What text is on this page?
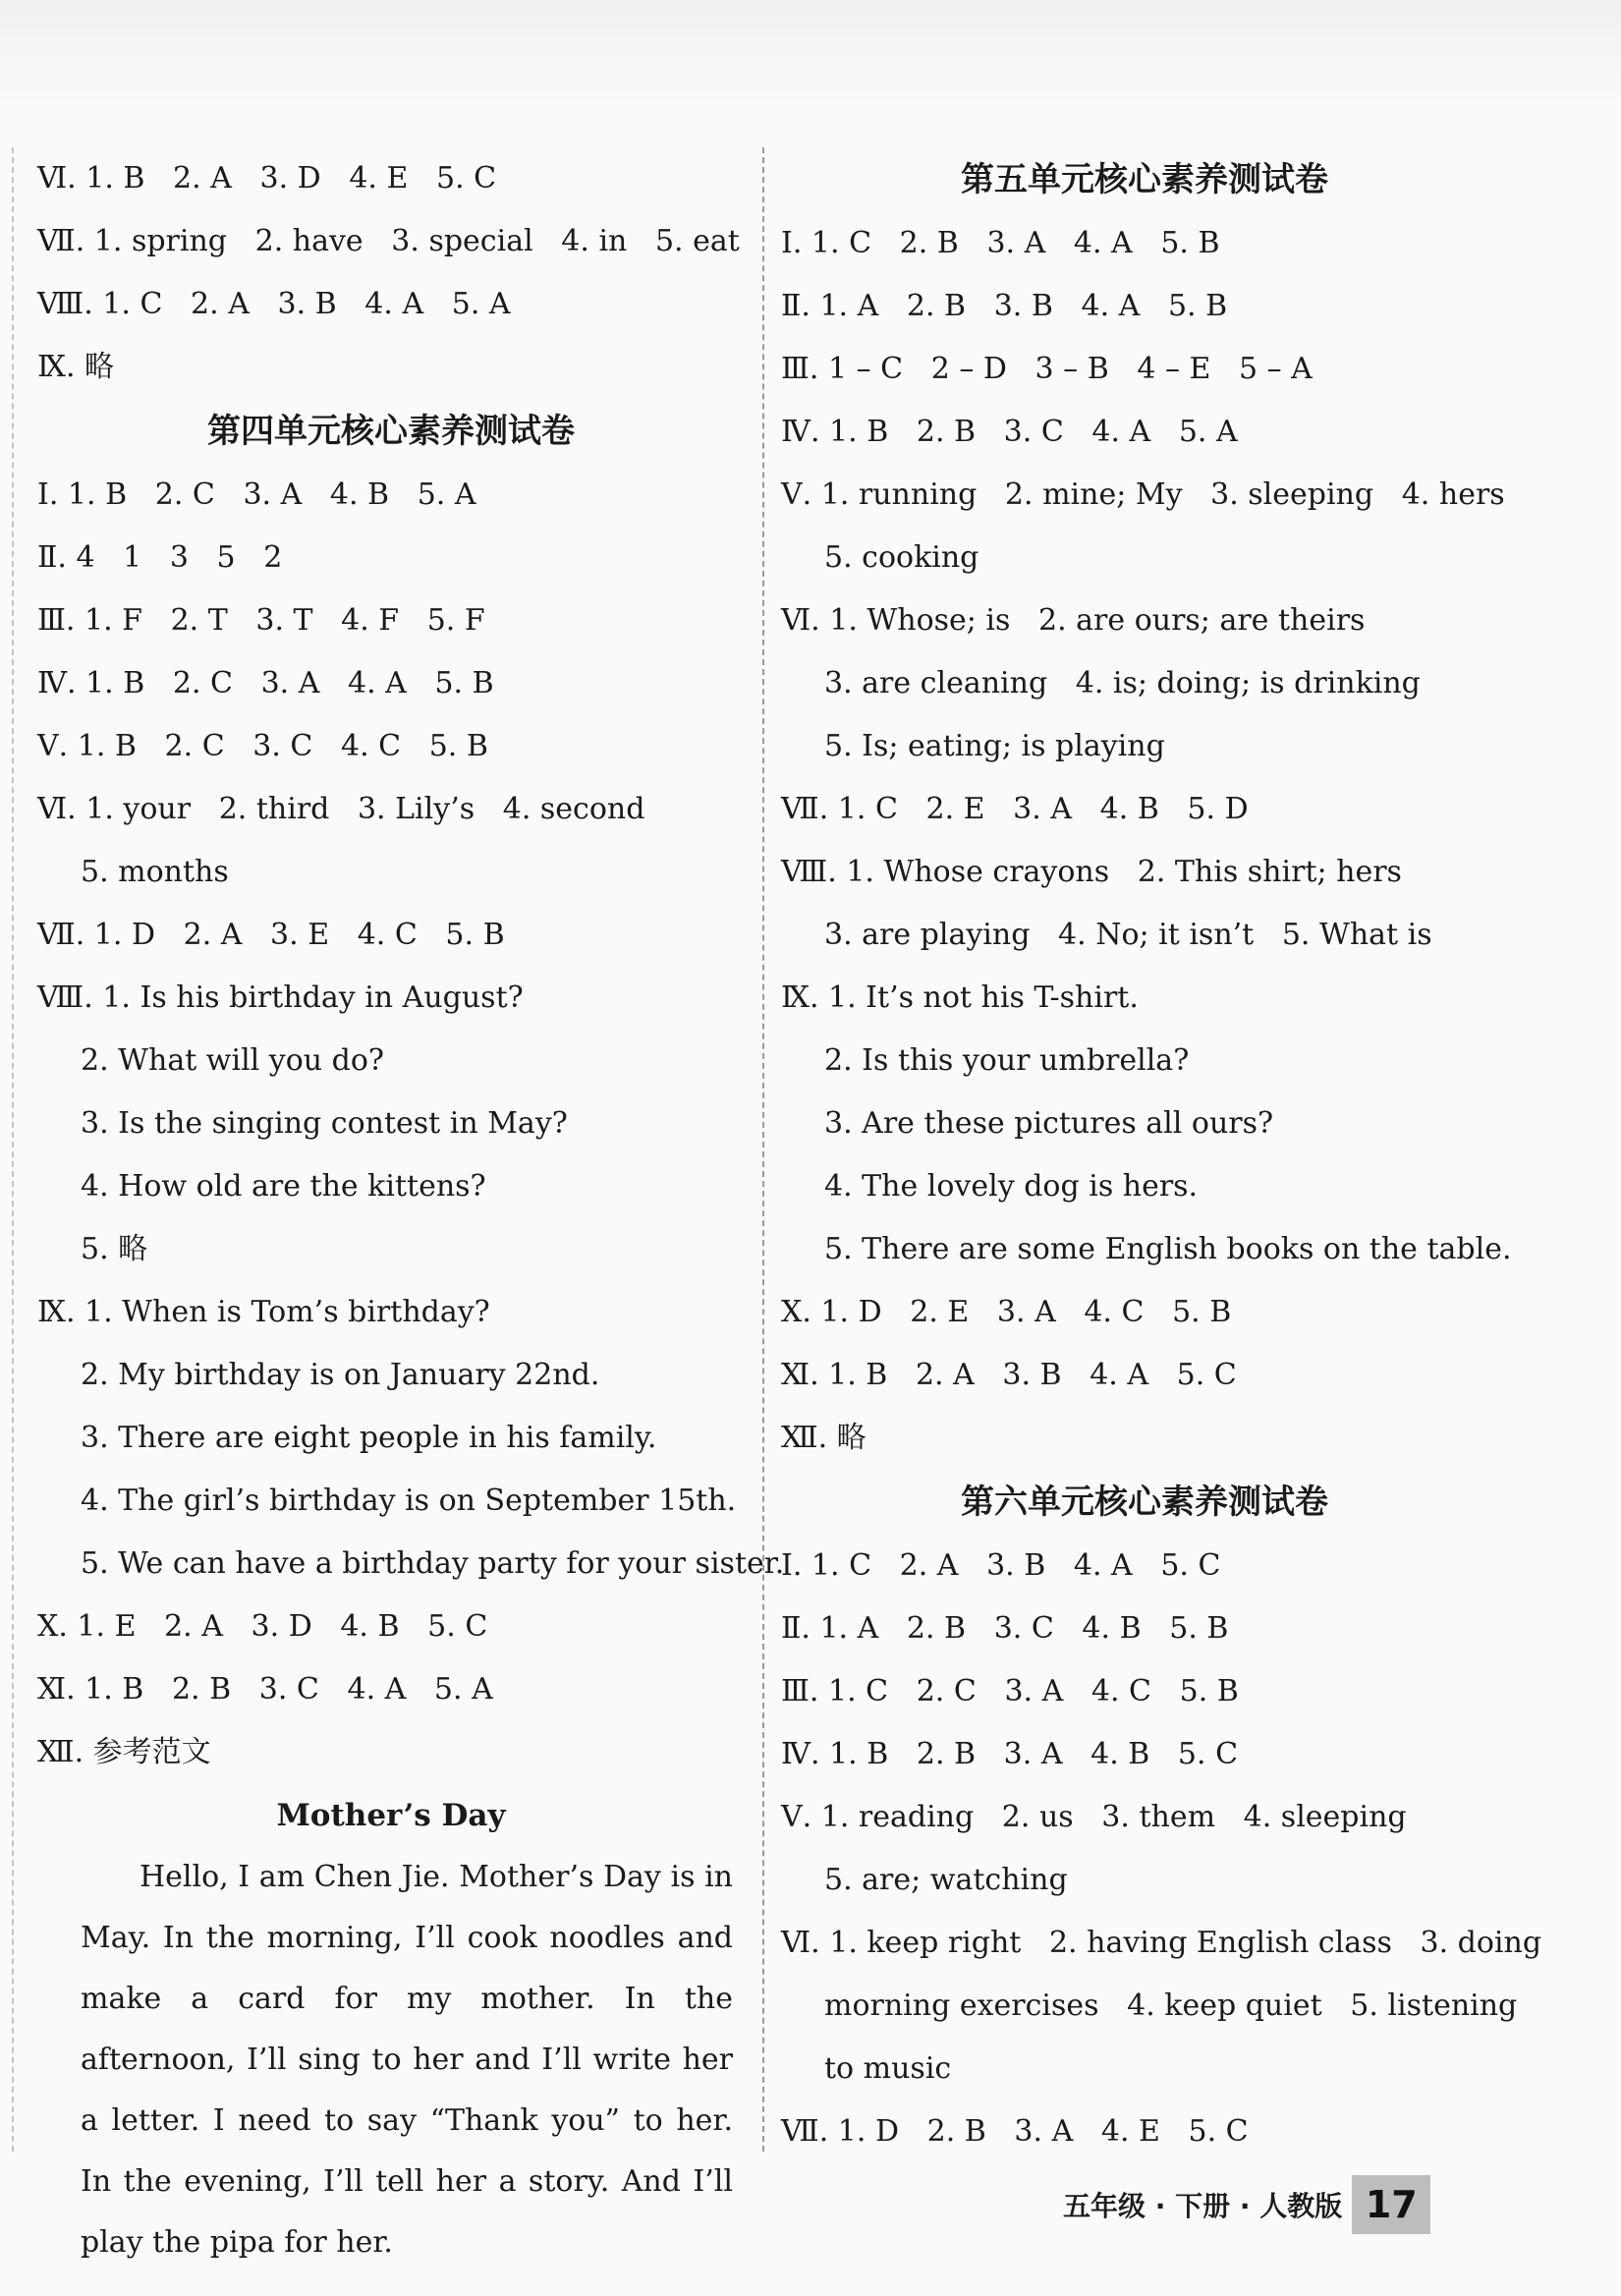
Ⅵ. 1. B   2. A   3. D   4. E   5. C
Ⅶ. 1. spring   2. have   3. special   4. in   5. eat
Ⅷ. 1. C   2. A   3. B   4. A   5. A
Ⅸ. 略
第四单元核心素养测试卷
Ⅰ. 1. B   2. C   3. A   4. B   5. A
Ⅱ. 4   1   3   5   2
Ⅲ. 1. F   2. T   3. T   4. F   5. F
Ⅳ. 1. B   2. C   3. A   4. A   5. B
Ⅴ. 1. B   2. C   3. C   4. C   5. B
Ⅵ. 1. your   2. third   3. Lily’s   4. second
5. months
Ⅶ. 1. D   2. A   3. E   4. C   5. B
Ⅷ. 1. Is his birthday in August?
2. What will you do?
3. Is the singing contest in May?
4. How old are the kittens?
5. 略
Ⅸ. 1. When is Tom’s birthday?
2. My birthday is on January 22nd.
3. There are eight people in his family.
4. The girl’s birthday is on September 15th.
5. We can have a birthday party for your sister.
Ⅹ. 1. E   2. A   3. D   4. B   5. C
Ⅺ. 1. B   2. B   3. C   4. A   5. A
Ⅻ. 参考范文
Mother’s Day

Hello, I am Chen Jie. Mother’s Day is in May. In the morning, I’ll cook noodles and make a card for my mother. In the afternoon, I’ll sing to her and I’ll write her a letter. I need to say “Thank you” to her. In the evening, I’ll tell her a story. And I’ll play the pipa for her.

第五单元核心素养测试卷
Ⅰ. 1. C   2. B   3. A   4. A   5. B
Ⅱ. 1. A   2. B   3. B   4. A   5. B
Ⅲ. 1 – C   2 – D   3 – B   4 – E   5 – A
Ⅳ. 1. B   2. B   3. C   4. A   5. A
Ⅴ. 1. running   2. mine; My   3. sleeping   4. hers
5. cooking
Ⅵ. 1. Whose; is   2. are ours; are theirs
3. are cleaning   4. is; doing; is drinking
5. Is; eating; is playing
Ⅶ. 1. C   2. E   3. A   4. B   5. D
Ⅷ. 1. Whose crayons   2. This shirt; hers
3. are playing   4. No; it isn’t   5. What is
Ⅸ. 1. It’s not his T-shirt.
2. Is this your umbrella?
3. Are these pictures all ours?
4. The lovely dog is hers.
5. There are some English books on the table.
Ⅹ. 1. D   2. E   3. A   4. C   5. B
Ⅺ. 1. B   2. A   3. B   4. A   5. C
Ⅻ. 略
第六单元核心素养测试卷
Ⅰ. 1. C   2. A   3. B   4. A   5. C
Ⅱ. 1. A   2. B   3. C   4. B   5. B
Ⅲ. 1. C   2. C   3. A   4. C   5. B
Ⅳ. 1. B   2. B   3. A   4. B   5. C
Ⅴ. 1. reading   2. us   3. them   4. sleeping
5. are; watching
Ⅵ. 1. keep right   2. having English class   3. doing
morning exercises   4. keep quiet   5. listening
to music
Ⅶ. 1. D   2. B   3. A   4. E   5. C
五年级 · 下册 · 人教版 17
